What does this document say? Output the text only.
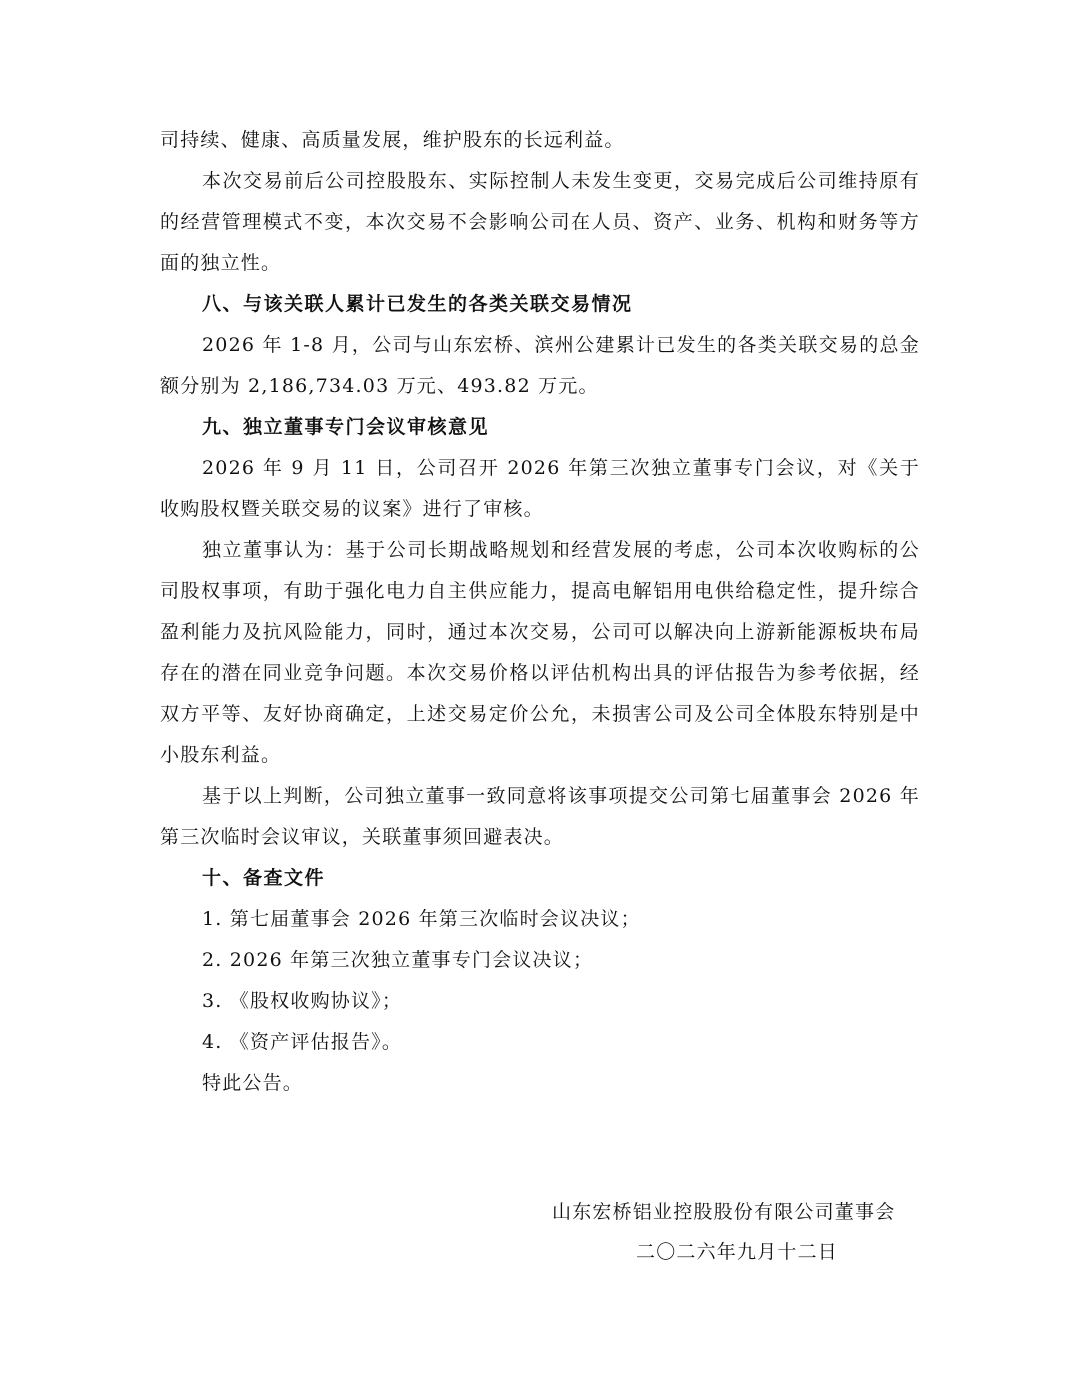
司持续、健康、高质量发展，维护股东的长远利益。

本次交易前后公司控股股东、实际控制人未发生变更，交易完成后公司维持原有的经营管理模式不变，本次交易不会影响公司在人员、资产、业务、机构和财务等方面的独立性。

八、与该关联人累计已发生的各类关联交易情况

2026 年 1-8 月，公司与山东宏桥、滨州公建累计已发生的各类关联交易的总金额分别为 2,186,734.03 万元、493.82 万元。

九、独立董事专门会议审核意见

2026 年 9 月 11 日，公司召开 2026 年第三次独立董事专门会议，对《关于收购股权暨关联交易的议案》进行了审核。

独立董事认为：基于公司长期战略规划和经营发展的考虑，公司本次收购标的公司股权事项，有助于强化电力自主供应能力，提高电解铝用电供给稳定性，提升综合盈利能力及抗风险能力，同时，通过本次交易，公司可以解决向上游新能源板块布局存在的潜在同业竞争问题。本次交易价格以评估机构出具的评估报告为参考依据，经双方平等、友好协商确定，上述交易定价公允，未损害公司及公司全体股东特别是中小股东利益。

基于以上判断，公司独立董事一致同意将该事项提交公司第七届董事会 2026 年第三次临时会议审议，关联董事须回避表决。

十、备查文件

1. 第七届董事会 2026 年第三次临时会议决议；

2. 2026 年第三次独立董事专门会议决议；

3. 《股权收购协议》；

4. 《资产评估报告》。

特此公告。

山东宏桥铝业控股股份有限公司董事会
二〇二六年九月十二日
